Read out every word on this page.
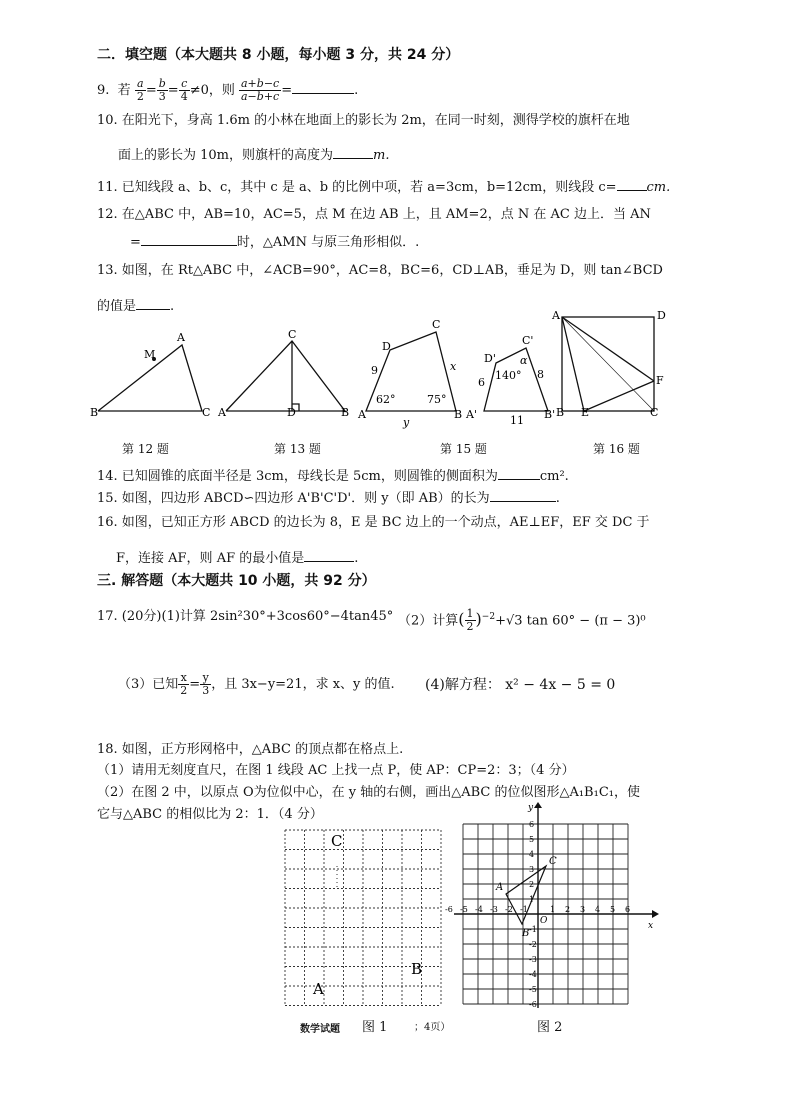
二．填空题（本大题共 8 小题，每小题 3 分，共 24 分）
9. 若 $\frac{a}{2} = \frac{b}{3} = \frac{c}{4} \ne 0$，则 $\frac{a+b-c}{a-b+c}$ =	.
10. 在阳光下，身高 1.6m 的小林在地面上的影长为 2m，在同一时刻，测得学校的旗杆在地
面上的影长为 10m，则旗杆的高度为	m.
11. 已知线段 a、b、c，其中 c 是 a、b 的比例中项，若 a=3cm，b=12cm，则线段 c= cm.
12. 在△ABC 中，AB=10，AC=5，点 M 在边 AB 上，且 AM=2，点 N 在 AC 边上．当 AN
=	时，△AMN 与原三角形相似．.
13. 如图，在 Rt△ABC 中，∠ACB=90°，AC=8，BC=6，CD⊥AB，垂足为 D，则 tan∠BCD
的值是	.
B
A
C
M
A
C
D	B A
D
C
B
9	x
y
62°	75°
A'
D'
C'
B'
6
8
11
140°
α
A	D
F
B E	C
第 12 题	第 13 题	第 15 题	第 16 题
14. 已知圆锥的底面半径是 3cm，母线长是 5cm，则圆锥的侧面积为	cm².
15. 如图，四边形 ABCD∽四边形 A'B'C'D'．则 y（即 AB）的长为	.
16. 如图，已知正方形 ABCD 的边长为 8，E 是 BC 边上的一个动点，AE⊥EF，EF 交 DC 于
F，连接 AF，则 AF 的最小值是	.
三. 解答题（本大题共 10 小题，共 92 分）
17. (20分)(1)计算 2sin²30°+3cos60°−4tan45° （2）计算( $\frac{1}{2} )^{-2}+√3$ tan 60° − (π − 3)⁰
（3）已知 $\frac{x}{2} = \frac{y}{3}$ ，且 3x−y=21，求 x、y 的值. (4)解方程： x² − 4x − 5 = 0
18. 如图，正方形网格中，△ABC 的顶点都在格点上.
（1）请用无刻度直尺，在图 1 线段 AC 上找一点 P，使 AP：CP=2：3；（4 分）
（2）在图 2 中，以原点 O为位似中心，在 y 轴的右侧，画出△ABC 的位似图形△A₁B₁C₁，使
它与△ABC 的相似比为 2：1．（4 分）
C
A
B
-6 -5 -4 -3 -2 -1	1 2 3 4 5 6
6
5
4
3
2
1
-1
-2
-3
-4
-5
-6
x
y
O
A
B
C
数学试题 图 1	；4页）	图 2
